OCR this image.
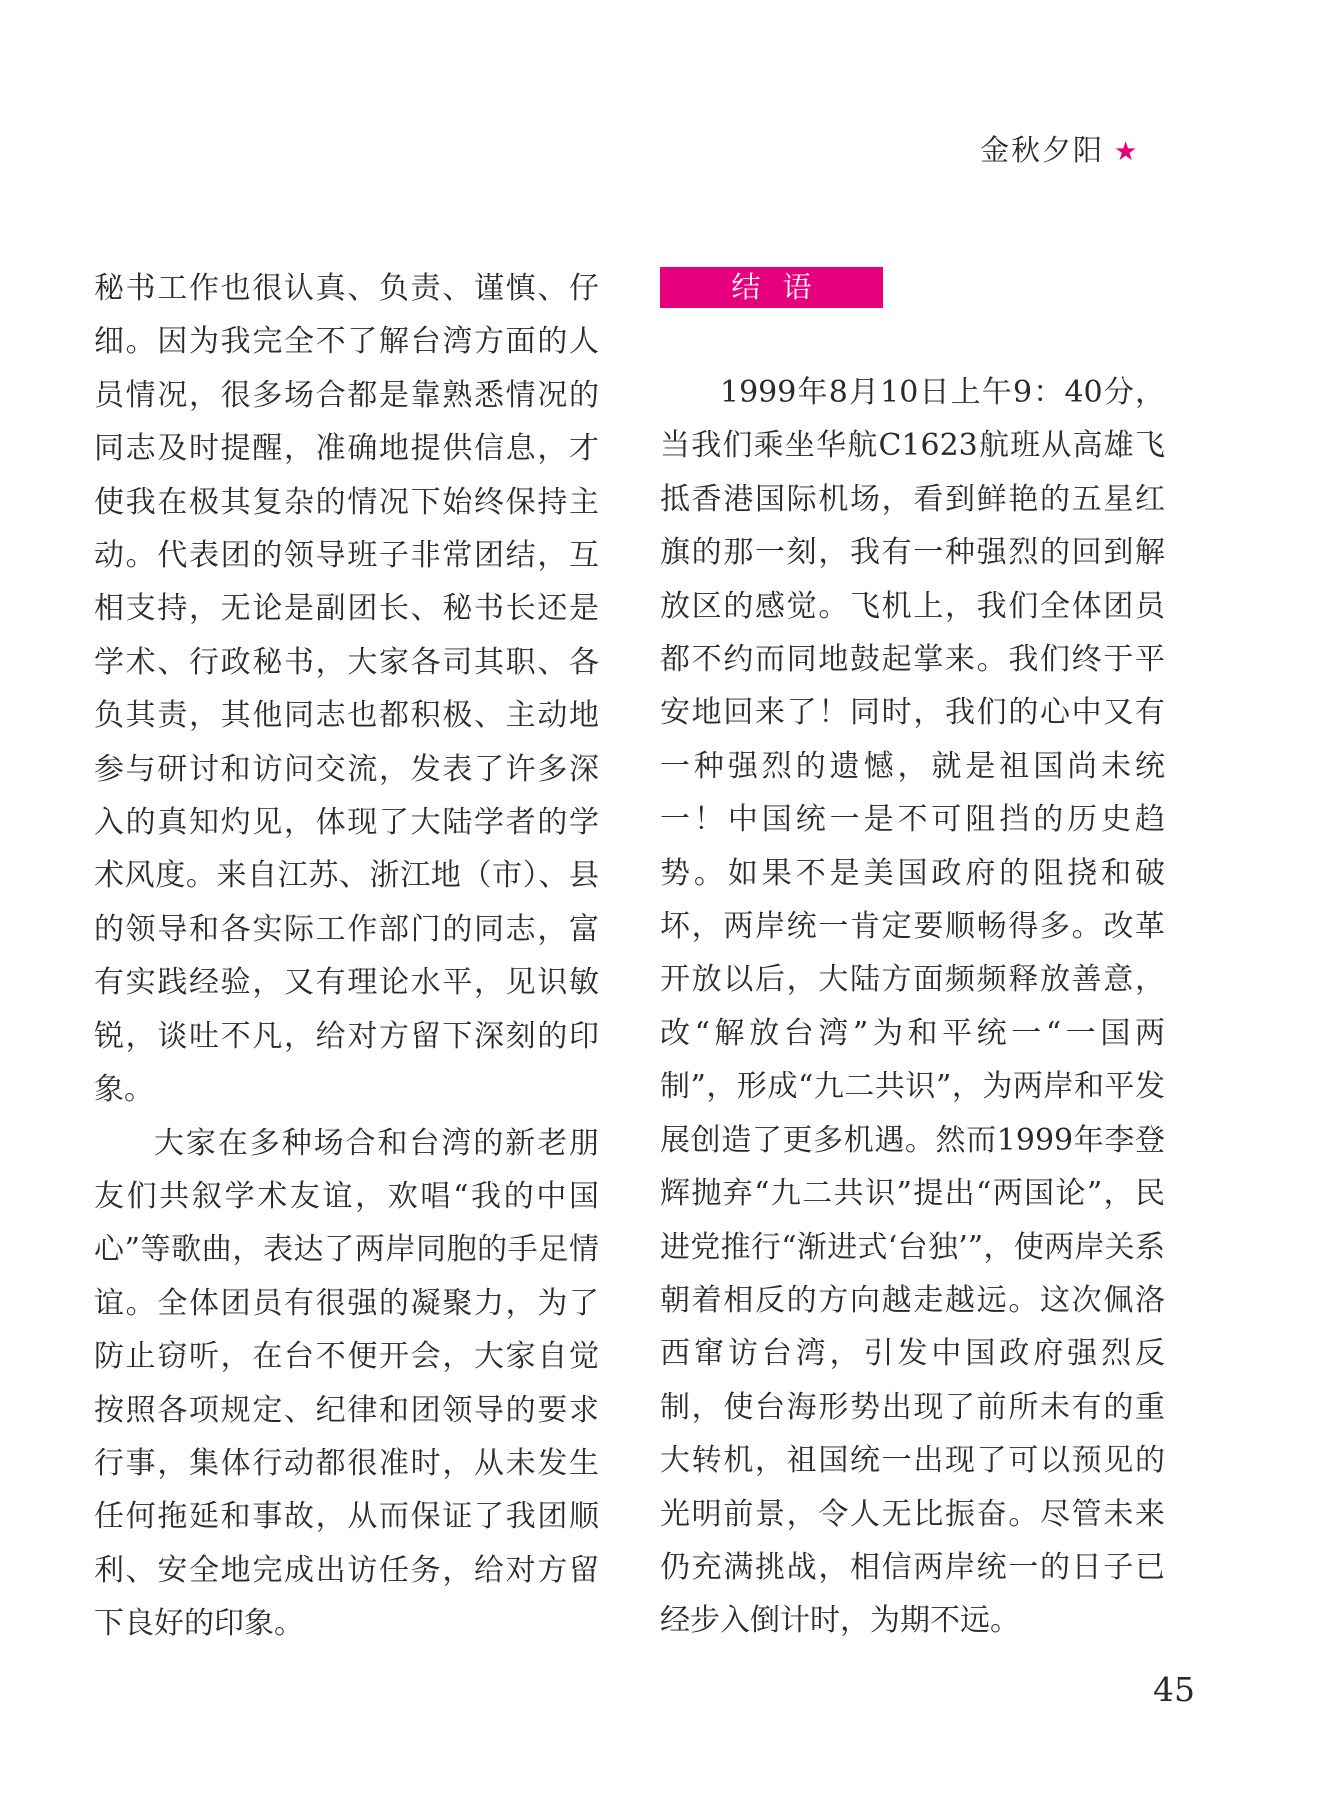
金秋夕阳 ★

秘书工作也很认真、负责、谨慎、仔细。因为我完全不了解台湾方面的人员情况，很多场合都是靠熟悉情况的同志及时提醒，准确地提供信息，才使我在极其复杂的情况下始终保持主动。代表团的领导班子非常团结，互相支持，无论是副团长、秘书长还是学术、行政秘书，大家各司其职、各负其责，其他同志也都积极、主动地参与研讨和访问交流，发表了许多深入的真知灼见，体现了大陆学者的学术风度。来自江苏、浙江地（市）、县的领导和各实际工作部门的同志，富有实践经验，又有理论水平，见识敏锐，谈吐不凡，给对方留下深刻的印象。

大家在多种场合和台湾的新老朋友们共叙学术友谊，欢唱“我的中国心”等歌曲，表达了两岸同胞的手足情谊。全体团员有很强的凝聚力，为了防止窃听，在台不便开会，大家自觉按照各项规定、纪律和团领导的要求行事，集体行动都很准时，从未发生任何拖延和事故，从而保证了我团顺利、安全地完成出访任务，给对方留下良好的印象。

结语

1999年8月10日上午9：40分，当我们乘坐华航C1623航班从高雄飞抵香港国际机场，看到鲜艳的五星红旗的那一刻，我有一种强烈的回到解放区的感觉。飞机上，我们全体团员都不约而同地鼓起掌来。我们终于平安地回来了！同时，我们的心中又有一种强烈的遗憾，就是祖国尚未统一！中国统一是不可阻挡的历史趋势。如果不是美国政府的阻挠和破坏，两岸统一肯定要顺畅得多。改革开放以后，大陆方面频频释放善意，改“解放台湾”为和平统一“一国两制”，形成“九二共识”，为两岸和平发展创造了更多机遇。然而1999年李登辉抛弃“九二共识”提出“两国论”，民进党推行“渐进式‘台独’”，使两岸关系朝着相反的方向越走越远。这次佩洛西窜访台湾，引发中国政府强烈反制，使台海形势出现了前所未有的重大转机，祖国统一出现了可以预见的光明前景，令人无比振奋。尽管未来仍充满挑战，相信两岸统一的日子已经步入倒计时，为期不远。

45
